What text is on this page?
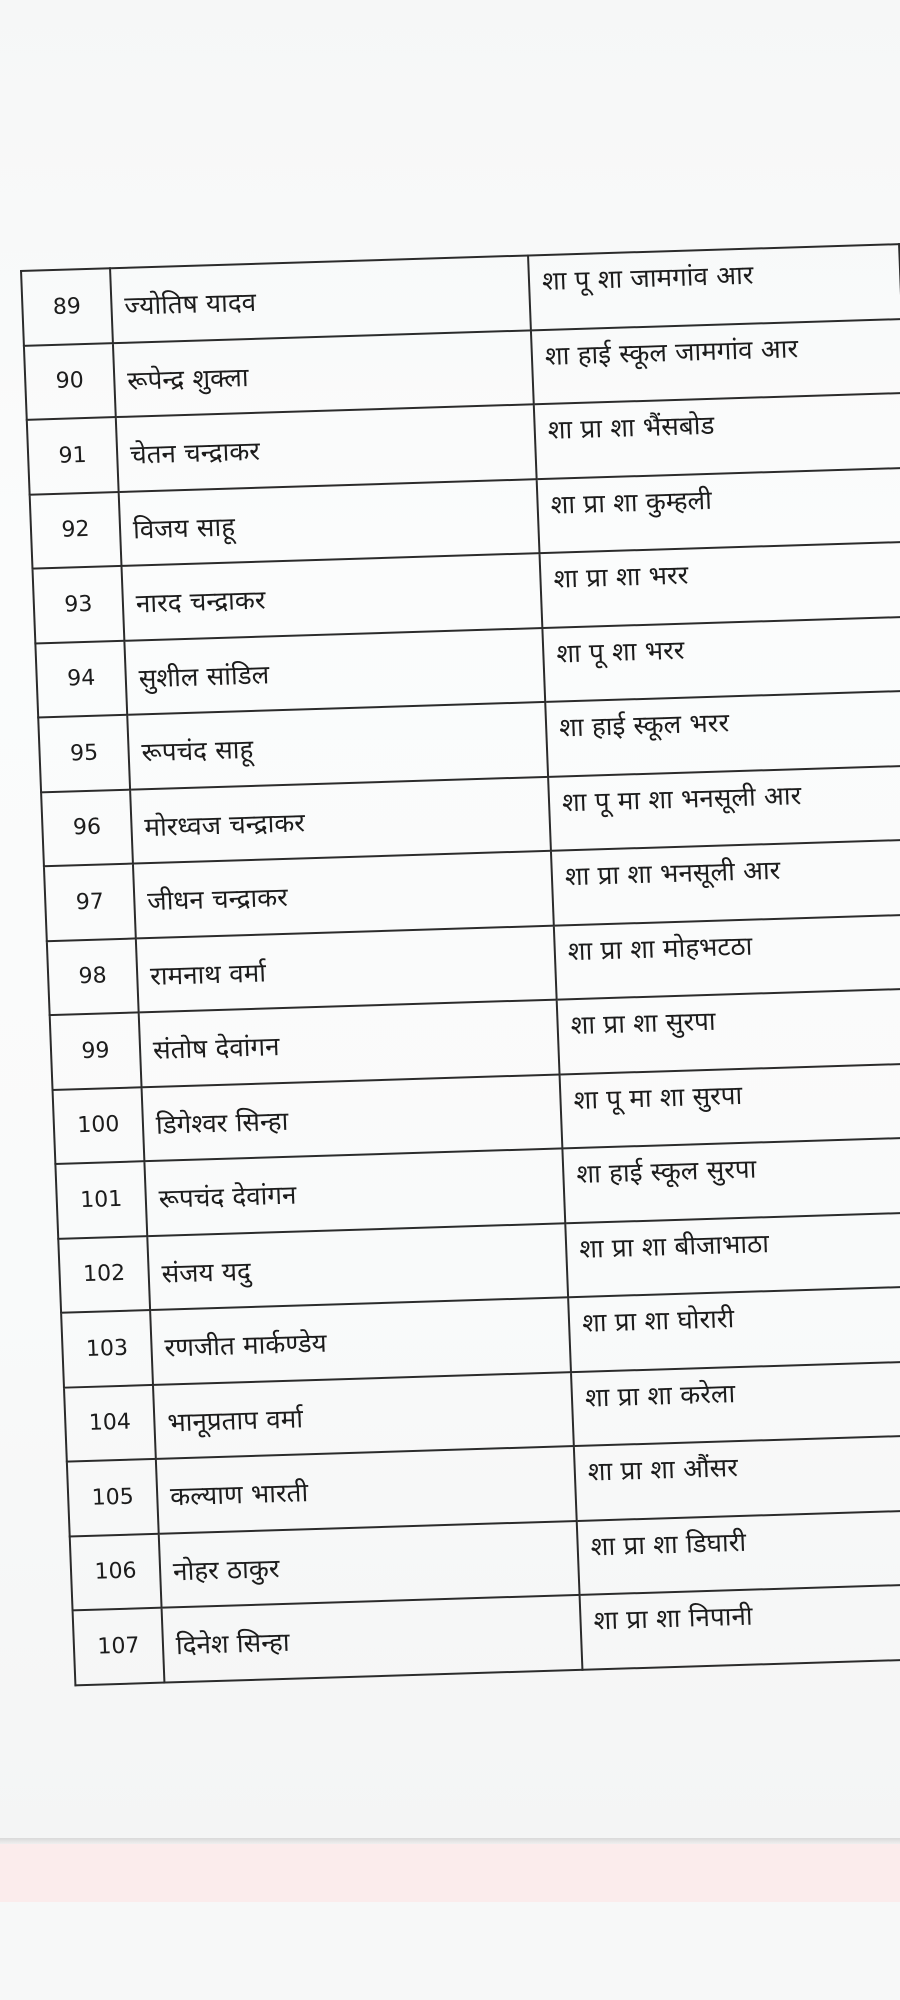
89	ज्योतिष यादव	शा पू शा जामगांव आर	
90	रूपेन्द्र शुक्ला	शा हाई स्कूल जामगांव आर	
91	चेतन चन्द्राकर	शा प्रा शा भैंसबोड	
92	विजय साहू	शा प्रा शा कुम्हली	
93	नारद चन्द्राकर	शा प्रा शा भरर	
94	सुशील सांडिल	शा पू शा भरर	
95	रूपचंद साहू	शा हाई स्कूल भरर	
96	मोरध्वज चन्द्राकर	शा पू मा शा भनसूली आर	
97	जीधन चन्द्राकर	शा प्रा शा भनसूली आर	
98	रामनाथ वर्मा	शा प्रा शा मोहभटठा	
99	संतोष देवांगन	शा प्रा शा सुरपा	
100	डिगेश्वर सिन्हा	शा पू मा शा सुरपा	
101	रूपचंद देवांगन	शा हाई स्कूल सुरपा	
102	संजय यदु	शा प्रा शा बीजाभाठा	
103	रणजीत मार्कण्डेय	शा प्रा शा घोरारी	
104	भानूप्रताप वर्मा	शा प्रा शा करेला	
105	कल्याण भारती	शा प्रा शा औंसर	
106	नोहर ठाकुर	शा प्रा शा डिघारी	
107	दिनेश सिन्हा	शा प्रा शा निपानी	
